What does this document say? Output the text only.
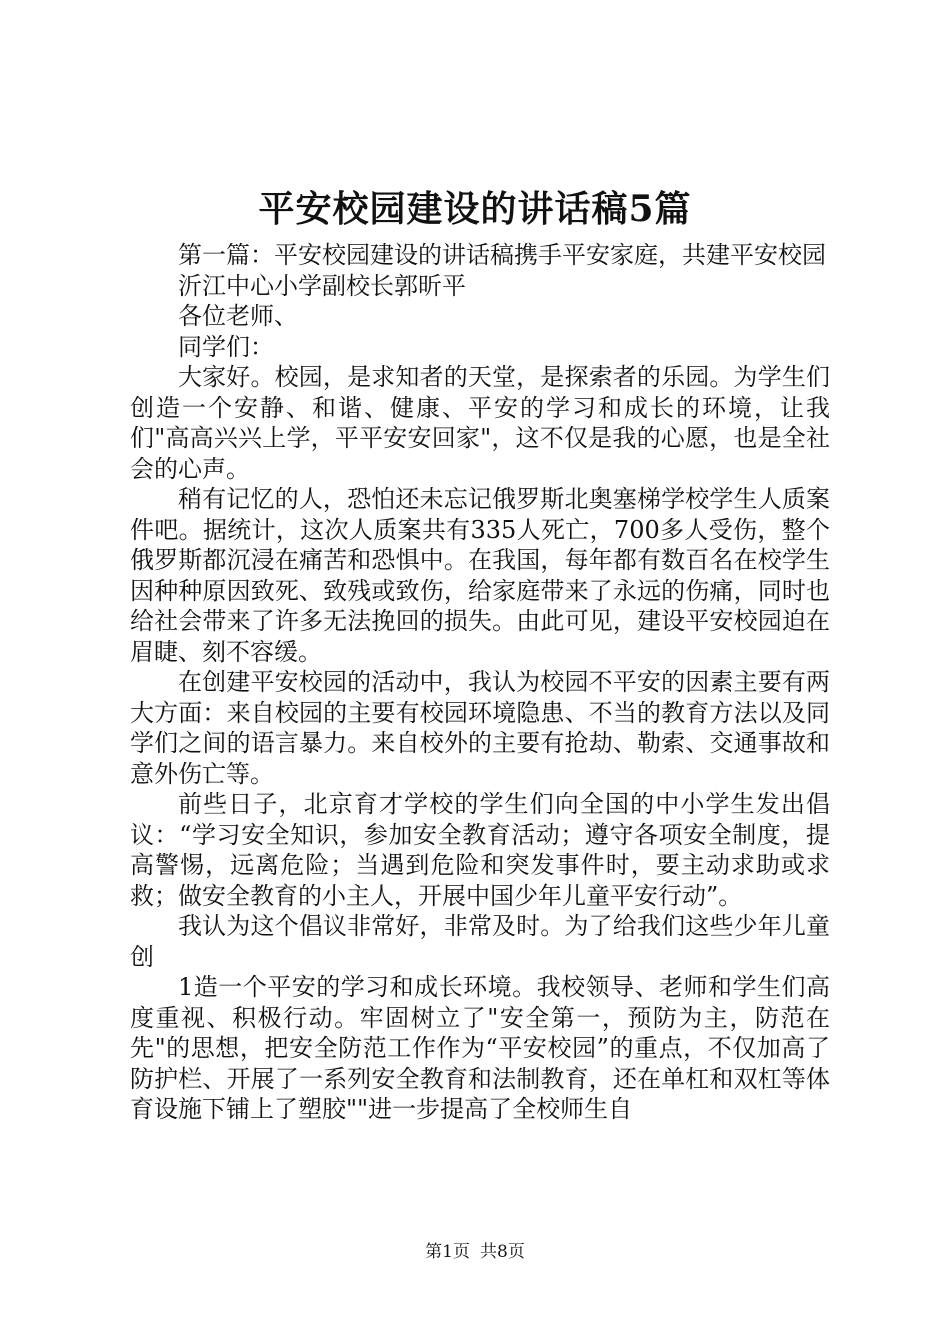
平安校园建设的讲话稿5篇

第一篇：平安校园建设的讲话稿携手平安家庭，共建平安校园

沂江中心小学副校长郭昕平

各位老师、

同学们：

大家好。校园，是求知者的天堂，是探索者的乐园。为学生们创造一个安静、和谐、健康、平安的学习和成长的环境，让我们"高高兴兴上学，平平安安回家"，这不仅是我的心愿，也是全社会的心声。

稍有记忆的人，恐怕还未忘记俄罗斯北奥塞梯学校学生人质案件吧。据统计，这次人质案共有335人死亡，700多人受伤，整个俄罗斯都沉浸在痛苦和恐惧中。在我国，每年都有数百名在校学生因种种原因致死、致残或致伤，给家庭带来了永远的伤痛，同时也给社会带来了许多无法挽回的损失。由此可见，建设平安校园迫在眉睫、刻不容缓。

在创建平安校园的活动中，我认为校园不平安的因素主要有两大方面：来自校园的主要有校园环境隐患、不当的教育方法以及同学们之间的语言暴力。来自校外的主要有抢劫、勒索、交通事故和意外伤亡等。

前些日子，北京育才学校的学生们向全国的中小学生发出倡议：“学习安全知识，参加安全教育活动；遵守各项安全制度，提高警惕，远离危险；当遇到危险和突发事件时，要主动求助或求救；做安全教育的小主人，开展中国少年儿童平安行动”。

我认为这个倡议非常好，非常及时。为了给我们这些少年儿童创

1造一个平安的学习和成长环境。我校领导、老师和学生们高度重视、积极行动。牢固树立了"安全第一，预防为主，防范在先"的思想，把安全防范工作作为“平安校园”的重点，不仅加高了防护栏、开展了一系列安全教育和法制教育，还在单杠和双杠等体育设施下铺上了塑胶""进一步提高了全校师生自

第1页 共8页
